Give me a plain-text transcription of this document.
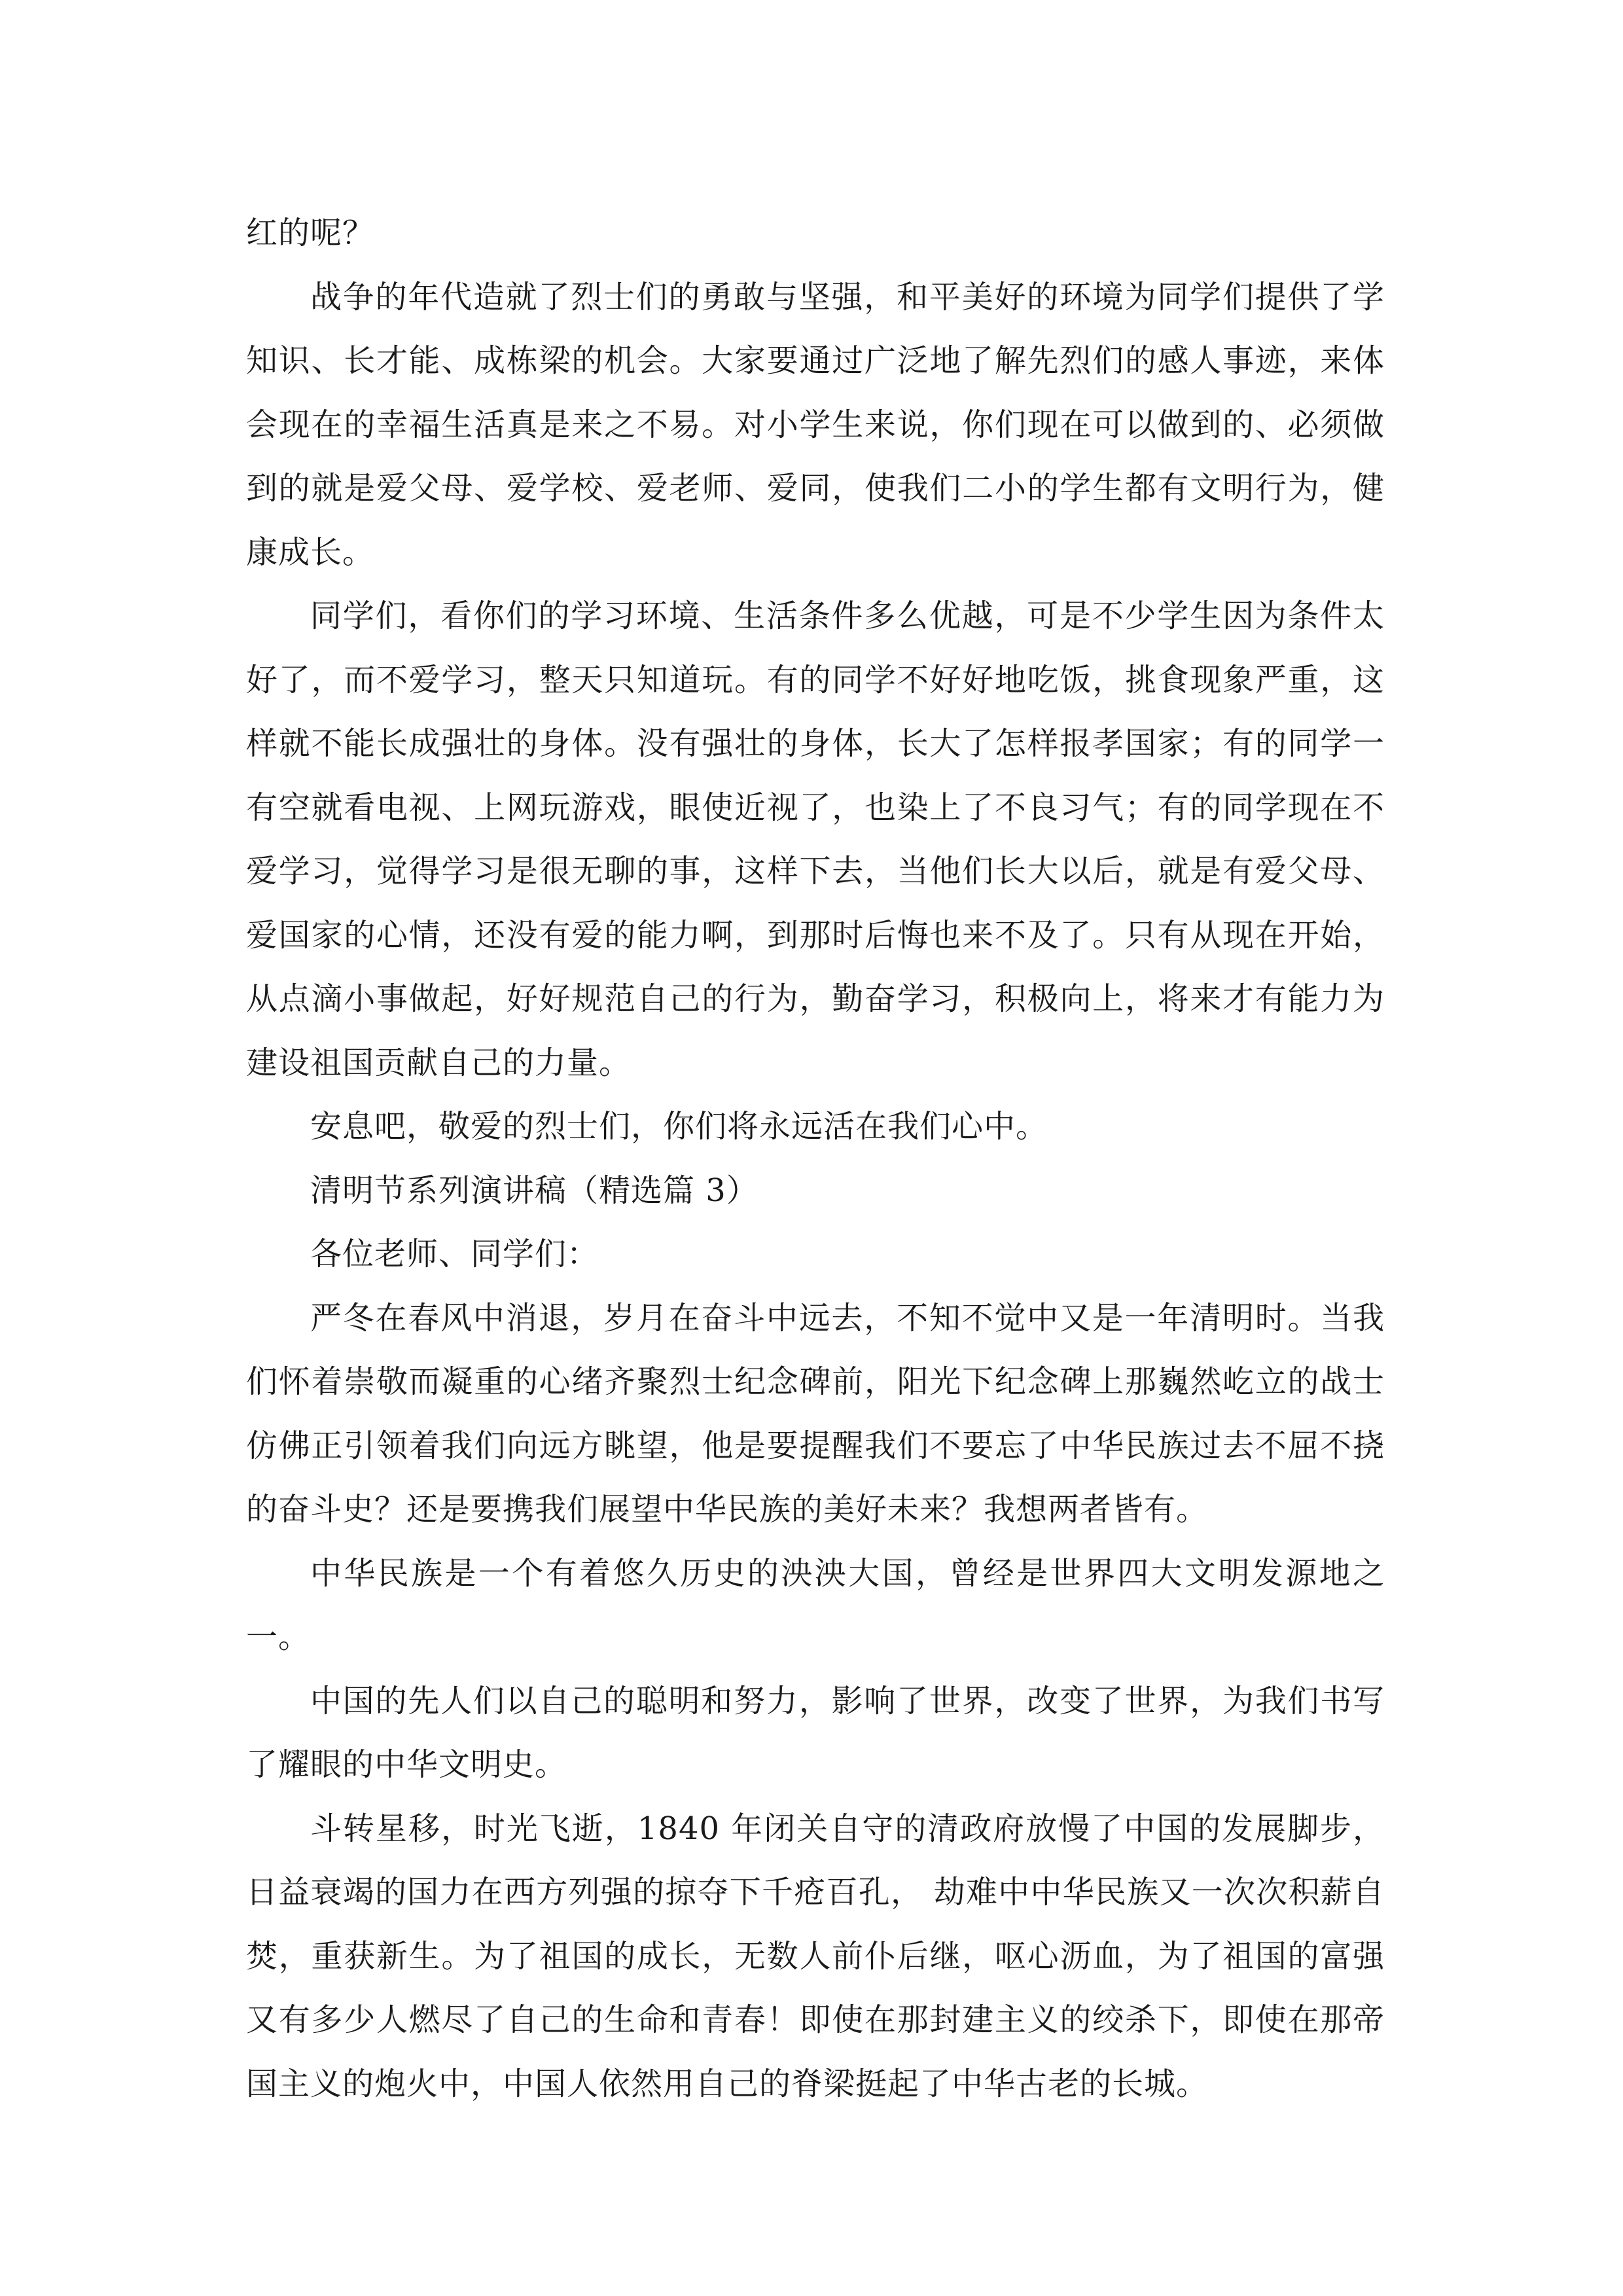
红的呢？

战争的年代造就了烈士们的勇敢与坚强，和平美好的环境为同学们提供了学知识、长才能、成栋梁的机会。大家要通过广泛地了解先烈们的感人事迹，来体会现在的幸福生活真是来之不易。对小学生来说，你们现在可以做到的、必须做到的就是爱父母、爱学校、爱老师、爱同，使我们二小的学生都有文明行为，健康成长。

同学们，看你们的学习环境、生活条件多么优越，可是不少学生因为条件太好了，而不爱学习，整天只知道玩。有的同学不好好地吃饭，挑食现象严重，这样就不能长成强壮的身体。没有强壮的身体，长大了怎样报孝国家；有的同学一有空就看电视、上网玩游戏，眼使近视了，也染上了不良习气；有的同学现在不爱学习，觉得学习是很无聊的事，这样下去，当他们长大以后，就是有爱父母、爱国家的心情，还没有爱的能力啊，到那时后悔也来不及了。只有从现在开始，从点滴小事做起，好好规范自己的行为，勤奋学习，积极向上，将来才有能力为建设祖国贡献自己的力量。

安息吧，敬爱的烈士们，你们将永远活在我们心中。

清明节系列演讲稿（精选篇 3）

各位老师、同学们：

严冬在春风中消退，岁月在奋斗中远去，不知不觉中又是一年清明时。当我们怀着崇敬而凝重的心绪齐聚烈士纪念碑前，阳光下纪念碑上那巍然屹立的战士仿佛正引领着我们向远方眺望，他是要提醒我们不要忘了中华民族过去不屈不挠的奋斗史？还是要携我们展望中华民族的美好未来？我想两者皆有。

中华民族是一个有着悠久历史的泱泱大国，曾经是世界四大文明发源地之一。

中国的先人们以自己的聪明和努力，影响了世界，改变了世界，为我们书写了耀眼的中华文明史。

斗转星移，时光飞逝，1840 年闭关自守的清政府放慢了中国的发展脚步，日益衰竭的国力在西方列强的掠夺下千疮百孔， 劫难中中华民族又一次次积薪自焚，重获新生。为了祖国的成长，无数人前仆后继，呕心沥血，为了祖国的富强又有多少人燃尽了自己的生命和青春！即使在那封建主义的绞杀下，即使在那帝国主义的炮火中，中国人依然用自己的脊梁挺起了中华古老的长城。
